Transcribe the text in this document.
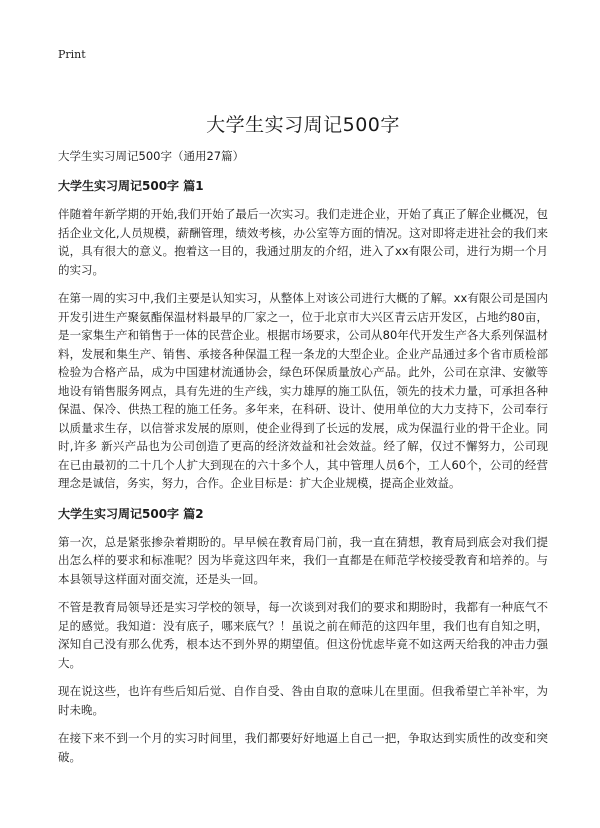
Print
大学生实习周记500字

大学生实习周记500字（通用27篇）

大学生实习周记500字 篇1

伴随着年新学期的开始,我们开始了最后一次实习。我们走进企业，开始了真正了解企业概况，包括企业文化,人员规模，薪酬管理，绩效考核，办公室等方面的情况。这对即将走进社会的我们来说，具有很大的意义。抱着这一目的，我通过朋友的介绍，进入了xx有限公司，进行为期一个月的实习。

在第一周的实习中,我们主要是认知实习，从整体上对该公司进行大概的了解。xx有限公司是国内开发引进生产聚氨酯保温材料最早的厂家之一，位于北京市大兴区青云店开发区，占地约80亩，是一家集生产和销售于一体的民营企业。根据市场要求，公司从80年代开发生产各大系列保温材料，发展和集生产、销售、承接各种保温工程一条龙的大型企业。企业产品通过多个省市质检部检验为合格产品，成为中国建材流通协会，绿色环保质量放心产品。此外，公司在京津、安徽等地设有销售服务网点，具有先进的生产线，实力雄厚的施工队伍，领先的技术力量，可承担各种保温、保冷、供热工程的施工任务。多年来，在科研、设计、使用单位的大力支持下，公司奉行以质量求生存，以信誉求发展的原则，使企业得到了长远的发展，成为保温行业的骨干企业。同时,许多 新兴产品也为公司创造了更高的经济效益和社会效益。经了解，仅过不懈努力，公司现在已由最初的二十几个人扩大到现在的六十多个人，其中管理人员6个，工人60个，公司的经营理念是诚信，务实，努力，合作。企业目标是：扩大企业规模，提高企业效益。

大学生实习周记500字 篇2

第一次，总是紧张掺杂着期盼的。早早候在教育局门前，我一直在猜想，教育局到底会对我们提出怎么样的要求和标准呢？因为毕竟这四年来，我们一直都是在师范学校接受教育和培养的。与本县领导这样面对面交流，还是头一回。

不管是教育局领导还是实习学校的领导，每一次谈到对我们的要求和期盼时，我都有一种底气不足的感觉。我知道：没有底子，哪来底气？！虽说之前在师范的这四年里，我们也有自知之明，深知自己没有那么优秀，根本达不到外界的期望值。但这份忧虑毕竟不如这两天给我的冲击力强大。

现在说这些，也许有些后知后觉、自作自受、咎由自取的意味儿在里面。但我希望亡羊补牢，为时未晚。

在接下来不到一个月的实习时间里，我们都要好好地逼上自己一把，争取达到实质性的改变和突破。
